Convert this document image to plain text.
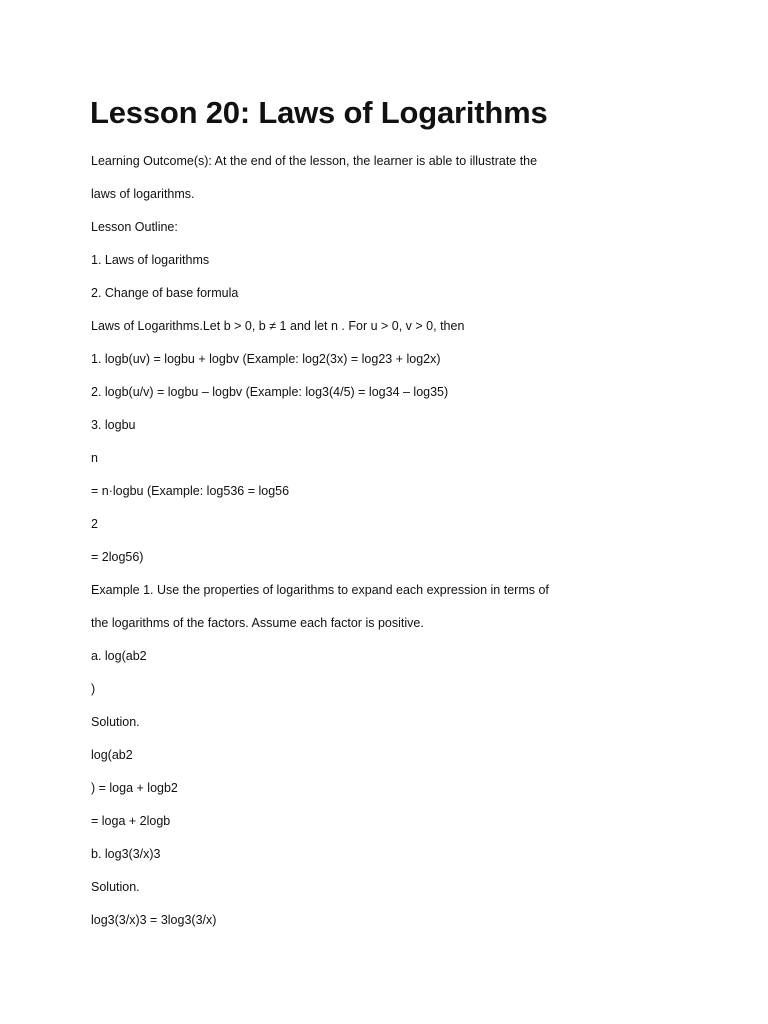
Lesson 20: Laws of Logarithms
Learning Outcome(s): At the end of the lesson, the learner is able to illustrate the
laws of logarithms.
Lesson Outline:
1. Laws of logarithms
2. Change of base formula
Laws of Logarithms.Let b > 0, b ≠ 1 and let n . For u > 0, v > 0, then
1. logb(uv) = logbu + logbv (Example: log2(3x) = log23 + log2x)
2. logb(u/v) = logbu – logbv (Example: log3(4/5) = log34 – log35)
3. logbu
n
= n·logbu (Example: log536 = log56
2
= 2log56)
Example 1. Use the properties of logarithms to expand each expression in terms of
the logarithms of the factors. Assume each factor is positive.
a. log(ab2
)
Solution.
log(ab2
) = loga + logb2
= loga + 2logb
b. log3(3/x)3
Solution.
log3(3/x)3 = 3log3(3/x)
